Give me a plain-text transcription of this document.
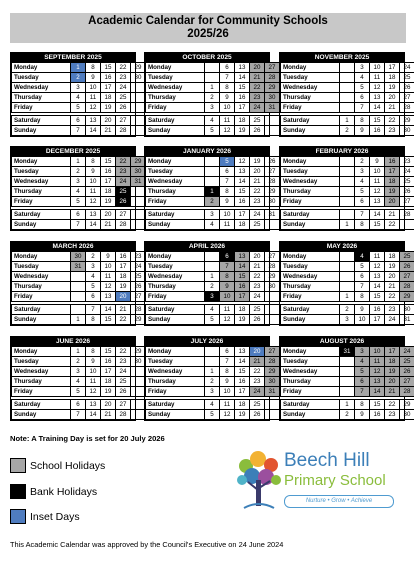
Academic Calendar for Community Schools
2025/26
SEPTEMBER 2025
Monday	1	8	15	22	29
Tuesday	2	9	16	23	30
Wednesday	3	10	17	24	
Thursday	4	11	18	25	
Friday	5	12	19	26	

Saturday	6	13	20	27	
Sunday	7	14	21	28	
OCTOBER 2025
Monday		6	13	20	27
Tuesday		7	14	21	28
Wednesday	1	8	15	22	29
Thursday	2	9	16	23	30
Friday	3	10	17	24	31

Saturday	4	11	18	25	
Sunday	5	12	19	26	
NOVEMBER 2025
Monday		3	10	17	24
Tuesday		4	11	18	25
Wednesday		5	12	19	26
Thursday		6	13	20	27
Friday		7	14	21	28

Saturday	1	8	15	22	29
Sunday	2	9	16	23	30
DECEMBER 2025
Monday	1	8	15	22	29
Tuesday	2	9	16	23	30
Wednesday	3	10	17	24	31
Thursday	4	11	18	25	
Friday	5	12	19	26	

Saturday	6	13	20	27	
Sunday	7	14	21	28	
JANUARY 2026
Monday		5	12	19	26
Tuesday		6	13	20	27
Wednesday		7	14	21	28
Thursday	1	8	15	22	29
Friday	2	9	16	23	30

Saturday	3	10	17	24	31
Sunday	4	11	18	25	
FEBRUARY 2026
Monday		2	9	16	23
Tuesday		3	10	17	24
Wednesday		4	11	18	25
Thursday		5	12	19	26
Friday		6	13	20	27

Saturday		7	14	21	28
Sunday	1	8	15	22	
MARCH 2026
Monday	30	2	9	16	23
Tuesday	31	3	10	17	24
Wednesday		4	11	18	25
Thursday		5	12	19	26
Friday		6	13	20	27

Saturday		7	14	21	28
Sunday	1	8	15	22	29
APRIL 2026
Monday		6	13	20	27
Tuesday		7	14	21	28
Wednesday	1	8	15	22	29
Thursday	2	9	16	23	30
Friday	3	10	17	24	

Saturday	4	11	18	25	
Sunday	5	12	19	26	
MAY 2026
Monday		4	11	18	25
Tuesday		5	12	19	26
Wednesday		6	13	20	27
Thursday		7	14	21	28
Friday	1	8	15	22	29

Saturday	2	9	16	23	30
Sunday	3	10	17	24	31
JUNE 2026
Monday	1	8	15	22	29
Tuesday	2	9	16	23	30
Wednesday	3	10	17	24	
Thursday	4	11	18	25	
Friday	5	12	19	26	

Saturday	6	13	20	27	
Sunday	7	14	21	28	
JULY 2026
Monday		6	13	20	27
Tuesday		7	14	21	28
Wednesday	1	8	15	22	29
Thursday	2	9	16	23	30
Friday	3	10	17	24	31

Saturday	4	11	18	25	
Sunday	5	12	19	26	
AUGUST 2026
Monday	31	3	10	17	24
Tuesday		4	11	18	25
Wednesday		5	12	19	26
Thursday		6	13	20	27
Friday		7	14	21	28

Saturday	1	8	15	22	29
Sunday	2	9	16	23	30
Note: A Training Day is set for 20 July 2026
School Holidays
Bank Holidays
Inset Days
Beech Hill
Primary School
Nurture • Grow • Achieve
This Academic Calendar was approved by the Council's Executive on 24 June 2024
